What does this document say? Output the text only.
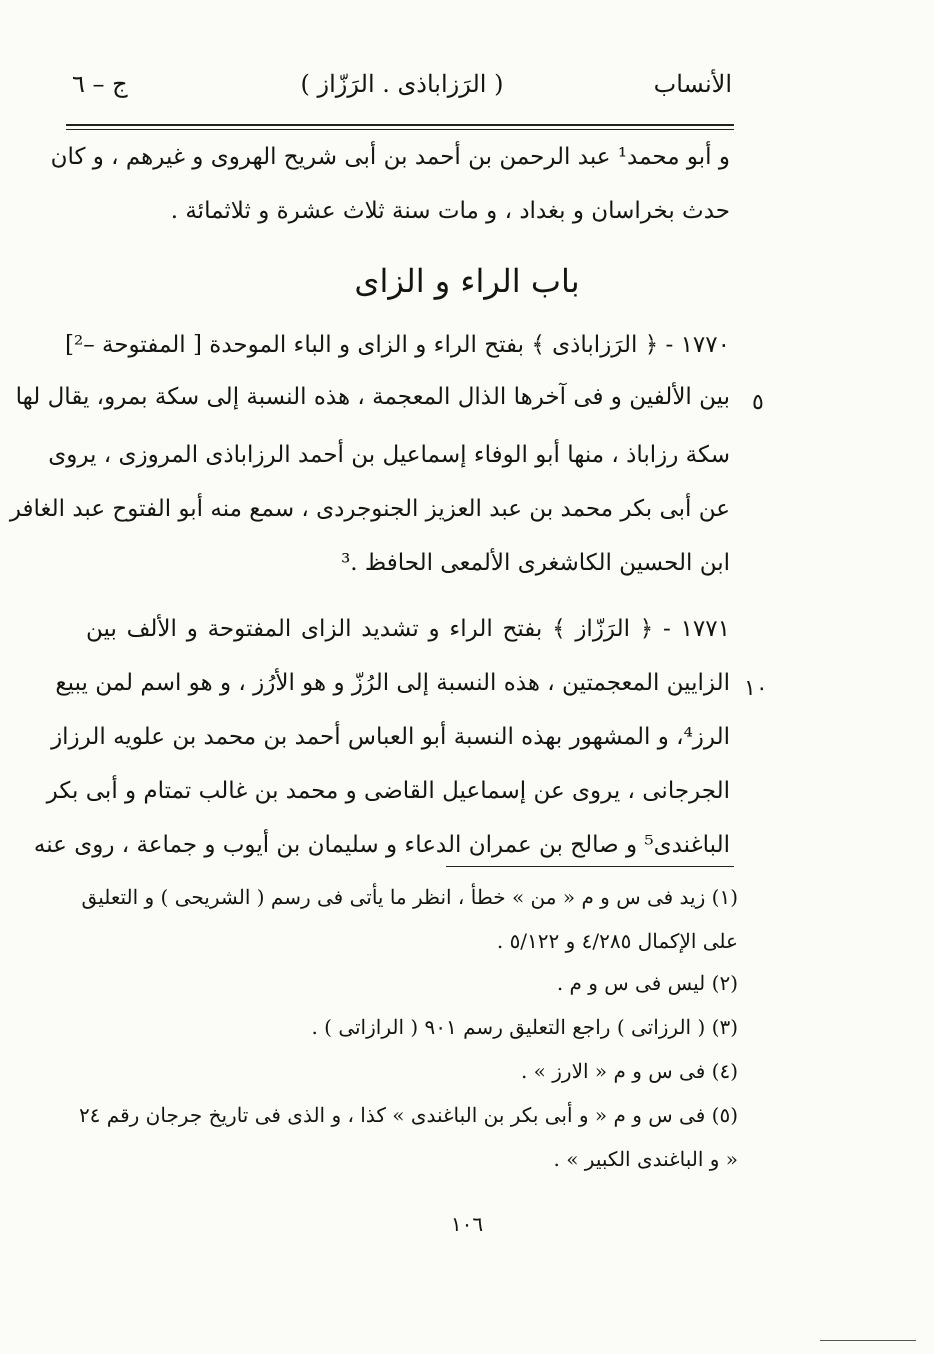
الأنساب
( الرَزاباذى . الرَزّاز )
ج – ٦
و أبو محمد¹ عبد الرحمن بن أحمد بن أبى شريح الهروى و غيرهم ، و كان
حدث بخراسان و بغداد ، و مات سنة ثلاث عشرة و ثلاثمائة .
باب الراء و الزاى
١٧٧٠ - ﴿ الرَزاباذى ﴾ بفتح الراء و الزاى و الباء الموحدة [ المفتوحة –²]
بين الألفين و فى آخرها الذال المعجمة ، هذه النسبة إلى سكة بمرو، يقال لها
سكة رزاباذ ، منها أبو الوفاء إسماعيل بن أحمد الرزاباذى المروزى ، يروى
عن أبى بكر محمد بن عبد العزيز الجنوجردى ، سمع منه أبو الفتوح عبد الغافر
ابن الحسين الكاشغرى الألمعى الحافظ .³
١٧٧١ - ﴿ الرَزّاز ﴾ بفتح الراء و تشديد الزاى المفتوحة و الألف بين
الزايين المعجمتين ، هذه النسبة إلى الرُزّ و هو الأرُز ، و هو اسم لمن يبيع
الرز⁴، و المشهور بهذه النسبة أبو العباس أحمد بن محمد بن علويه الرزاز
الجرجانى ، يروى عن إسماعيل القاضى و محمد بن غالب تمتام و أبى بكر
الباغندى⁵ و صالح بن عمران الدعاء و سليمان بن أيوب و جماعة ، روى عنه
٥
١٠
(١) زيد فى س و م « من » خطأ ، انظر ما يأتى فى رسم ( الشريحى ) و التعليق
على الإكمال ٤/٢٨٥ و ٥/١٢٢ .
(٢) ليس فى س و م .
(٣) ( الرزاتى ) راجع التعليق رسم ٩٠١ ( الرازاتى ) .
(٤) فى س و م « الارز » .
(٥) فى س و م « و أبى بكر بن الباغندى » كذا ، و الذى فى تاريخ جرجان رقم ٢٤
« و الباغندى الكبير » .
١٠٦
